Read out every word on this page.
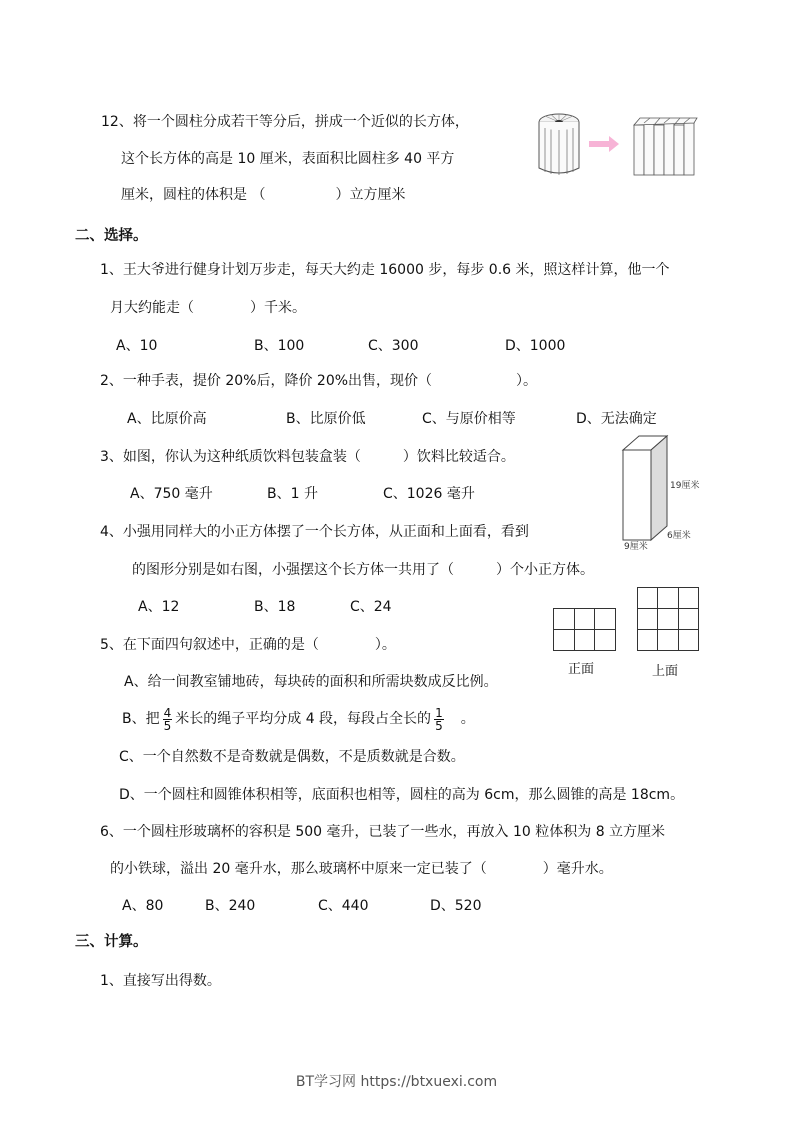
12、将一个圆柱分成若干等分后，拼成一个近似的长方体，
这个长方体的高是 10 厘米，表面积比圆柱多 40 平方
厘米，圆柱的体积是 （　　　　　）立方厘米
二、选择。
1、王大爷进行健身计划万步走，每天大约走 16000 步，每步 0.6 米，照这样计算，他一个
月大约能走（　　　　）千米。
A、10	B、100	C、300	D、1000
2、一种手表，提价 20%后，降价 20%出售，现价（　　　　　　）。
A、比原价高	B、比原价低	C、与原价相等	D、无法确定
3、如图，你认为这种纸质饮料包装盒装（　　　）饮料比较适合。
A、750 毫升	B、1 升	C、1026 毫升	19厘米
6厘米
9厘米
4、小强用同样大的小正方体摆了一个长方体，从正面和上面看，看到
的图形分别是如右图，小强摆这个长方体一共用了（　　　）个小正方体。
A、12	B、18	C、24

正面

			上面
5、在下面四句叙述中，正确的是（　　　　）。
A、给一间教室铺地砖，每块砖的面积和所需块数成反比例。
B、把 $\frac{4}{5}$ 米长的绳子平均分成 4 段，每段占全长的 $\frac{1}{5}$ 。
C、一个自然数不是奇数就是偶数，不是质数就是合数。
D、一个圆柱和圆锥体积相等，底面积也相等，圆柱的高为 6cm，那么圆锥的高是 18cm。
6、一个圆柱形玻璃杯的容积是 500 毫升，已装了一些水，再放入 10 粒体积为 8 立方厘米
的小铁球，溢出 20 毫升水，那么玻璃杯中原来一定已装了（　　　　）毫升水。
A、80	B、240	C、440	D、520
三、计算。
1、直接写出得数。
BT学习网 https://btxuexi.com
